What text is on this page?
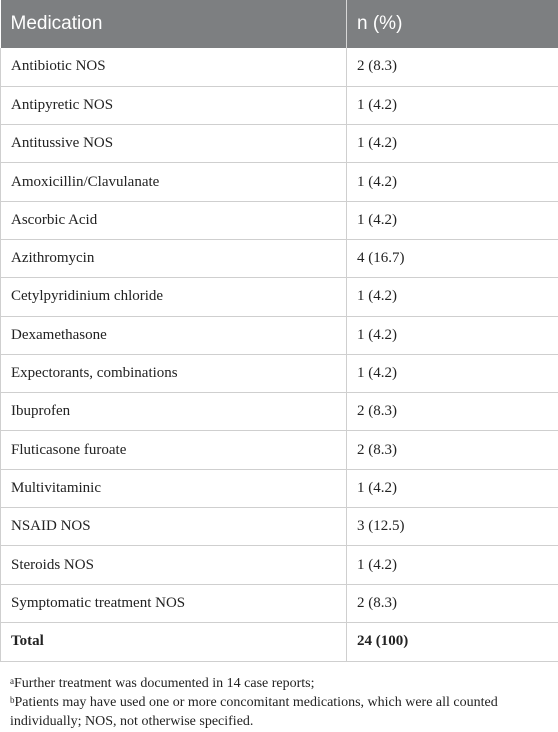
Medication	n (%)
Antibiotic NOS	2 (8.3)
Antipyretic NOS	1 (4.2)
Antitussive NOS	1 (4.2)
Amoxicillin/Clavulanate	1 (4.2)
Ascorbic Acid	1 (4.2)
Azithromycin	4 (16.7)
Cetylpyridinium chloride	1 (4.2)
Dexamethasone	1 (4.2)
Expectorants, combinations	1 (4.2)
Ibuprofen	2 (8.3)
Fluticasone furoate	2 (8.3)
Multivitaminic	1 (4.2)
NSAID NOS	3 (12.5)
Steroids NOS	1 (4.2)
Symptomatic treatment NOS	2 (8.3)
Total	24 (100)

$^a$Further treatment was documented in 14 case reports;

$^b$Patients may have used one or more concomitant medications, which were all counted individually; NOS, not otherwise specified.
